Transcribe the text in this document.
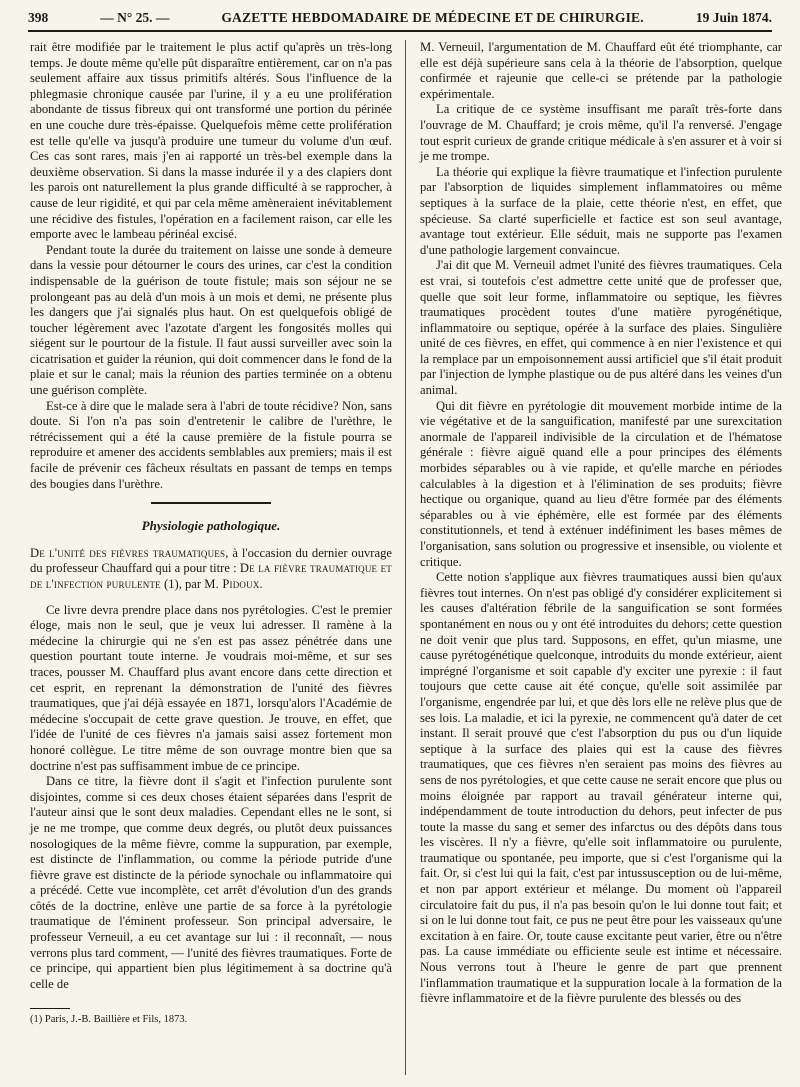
398	— N° 25. —	GAZETTE HEBDOMADAIRE DE MÉDECINE ET DE CHIRURGIE.	19 Juin 1874.

rait être modifiée par le traitement le plus actif qu'après un très-long temps. Je doute même qu'elle pût disparaître entièrement, car on n'a pas seulement affaire aux tissus primitifs altérés. Sous l'influence de la phlegmasie chronique causée par l'urine, il y a eu une prolifération abondante de tissus fibreux qui ont transformé une portion du périnée en une couche dure très-épaisse. Quelquefois même cette prolifération est telle qu'elle va jusqu'à produire une tumeur du volume d'un œuf. Ces cas sont rares, mais j'en ai rapporté un très-bel exemple dans la deuxième observation. Si dans la masse indurée il y a des clapiers dont les parois ont naturellement la plus grande difficulté à se rapprocher, à cause de leur rigidité, et qui par cela même amèneraient inévitablement une récidive des fistules, l'opération en a facilement raison, car elle les emporte avec le lambeau périnéal excisé.

Pendant toute la durée du traitement on laisse une sonde à demeure dans la vessie pour détourner le cours des urines, car c'est la condition indispensable de la guérison de toute fistule; mais son séjour ne se prolongeant pas au delà d'un mois à un mois et demi, ne présente plus les dangers que j'ai signalés plus haut. On est quelquefois obligé de toucher légèrement avec l'azotate d'argent les fongosités molles qui siégent sur le pourtour de la fistule. Il faut aussi surveiller avec soin la cicatrisation et guider la réunion, qui doit commencer dans le fond de la plaie et sur le canal; mais la réunion des parties terminée on a obtenu une guérison complète.

Est-ce à dire que le malade sera à l'abri de toute récidive? Non, sans doute. Si l'on n'a pas soin d'entretenir le calibre de l'urèthre, le rétrécissement qui a été la cause première de la fistule pourra se reproduire et amener des accidents semblables aux premiers; mais il est facile de prévenir ces fâcheux résultats en passant de temps en temps des bougies dans l'urèthre.

Physiologie pathologique.

De l'unité des fièvres traumatiques, à l'occasion du dernier ouvrage du professeur Chauffard qui a pour titre : De la fièvre traumatique et de l'infection purulente (1), par M. Pidoux.

Ce livre devra prendre place dans nos pyrétologies. C'est le premier éloge, mais non le seul, que je veux lui adresser. Il ramène à la médecine la chirurgie qui ne s'en est pas assez pénétrée dans une question pourtant toute interne. Je voudrais moi-même, et sur ses traces, pousser M. Chauffard plus avant encore dans cette direction et cet esprit, en reprenant la démonstration de l'unité des fièvres traumatiques, que j'ai déjà essayée en 1871, lorsqu'alors l'Académie de médecine s'occupait de cette grave question. Je trouve, en effet, que l'idée de l'unité de ces fièvres n'a jamais saisi assez fortement mon honoré collègue. Le titre même de son ouvrage montre bien que sa doctrine n'est pas suffisamment imbue de ce principe.

Dans ce titre, la fièvre dont il s'agit et l'infection purulente sont disjointes, comme si ces deux choses étaient séparées dans l'esprit de l'auteur ainsi que le sont deux maladies. Cependant elles ne le sont, si je ne me trompe, que comme deux degrés, ou plutôt deux puissances nosologiques de la même fièvre, comme la suppuration, par exemple, est distincte de l'inflammation, ou comme la période putride d'une fièvre grave est distincte de la période synochale ou inflammatoire qui a précédé. Cette vue incomplète, cet arrêt d'évolution d'un des grands côtés de la doctrine, enlève une partie de sa force à la pyrétologie traumatique de l'éminent professeur. Son principal adversaire, le professeur Verneuil, a eu cet avantage sur lui : il reconnaît, — nous verrons plus tard comment, — l'unité des fièvres traumatiques. Forte de ce principe, qui appartient bien plus légitimement à sa doctrine qu'à celle de

(1) Paris, J.-B. Baillière et Fils, 1873.

M. Verneuil, l'argumentation de M. Chauffard eût été triomphante, car elle est déjà supérieure sans cela à la théorie de l'absorption, quelque confirmée et rajeunie que celle-ci se prétende par la pathologie expérimentale.

La critique de ce système insuffisant me paraît très-forte dans l'ouvrage de M. Chauffard; je crois même, qu'il l'a renversé. J'engage tout esprit curieux de grande critique médicale à s'en assurer et à voir si je me trompe.

La théorie qui explique la fièvre traumatique et l'infection purulente par l'absorption de liquides simplement inflammatoires ou même septiques à la surface de la plaie, cette théorie n'est, en effet, que spécieuse. Sa clarté superficielle et factice est son seul avantage, avantage tout extérieur. Elle séduit, mais ne supporte pas l'examen d'une pathologie largement convaincue.

J'ai dit que M. Verneuil admet l'unité des fièvres traumatiques. Cela est vrai, si toutefois c'est admettre cette unité que de professer que, quelle que soit leur forme, inflammatoire ou septique, les fièvres traumatiques procèdent toutes d'une matière pyrogénétique, inflammatoire ou septique, opérée à la surface des plaies. Singulière unité de ces fièvres, en effet, qui commence à en nier l'existence et qui la remplace par un empoisonnement aussi artificiel que s'il était produit par l'injection de lymphe plastique ou de pus altéré dans les veines d'un animal.

Qui dit fièvre en pyrétologie dit mouvement morbide intime de la vie végétative et de la sanguification, manifesté par une surexcitation anormale de l'appareil indivisible de la circulation et de l'hématose générale : fièvre aiguë quand elle a pour principes des éléments morbides séparables ou à vie rapide, et qu'elle marche en périodes calculables à la digestion et à l'élimination de ses produits; fièvre hectique ou organique, quand au lieu d'être formée par des éléments séparables ou à vie éphémère, elle est formée par des éléments constitutionnels, et tend à exténuer indéfiniment les bases mêmes de l'organisation, sans solution ou progressive et insensible, ou violente et critique.

Cette notion s'applique aux fièvres traumatiques aussi bien qu'aux fièvres tout internes. On n'est pas obligé d'y considérer explicitement si les causes d'altération fébrile de la sanguification se sont formées spontanément en nous ou y ont été introduites du dehors; cette question ne doit venir que plus tard. Supposons, en effet, qu'un miasme, une cause pyrétogénétique quelconque, introduits du monde extérieur, aient imprégné l'organisme et soit capable d'y exciter une pyrexie : il faut toujours que cette cause ait été conçue, qu'elle soit assimilée par l'organisme, engendrée par lui, et que dès lors elle ne relève plus que de ses lois. La maladie, et ici la pyrexie, ne commencent qu'à dater de cet instant. Il serait prouvé que c'est l'absorption du pus ou d'un liquide septique à la surface des plaies qui est la cause des fièvres traumatiques, que ces fièvres n'en seraient pas moins des fièvres au sens de nos pyrétologies, et que cette cause ne serait encore que plus ou moins éloignée par rapport au travail générateur interne qui, indépendamment de toute introduction du dehors, peut infecter de pus toute la masse du sang et semer des infarctus ou des dépôts dans tous les viscères. Il n'y a fièvre, qu'elle soit inflammatoire ou purulente, traumatique ou spontanée, peu importe, que si c'est l'organisme qui la fait. Or, si c'est lui qui la fait, c'est par intussusception ou de lui-même, et non par apport extérieur et mélange. Du moment où l'appareil circulatoire fait du pus, il n'a pas besoin qu'on le lui donne tout fait; et si on le lui donne tout fait, ce pus ne peut être pour les vaisseaux qu'une excitation à en faire. Or, toute cause excitante peut varier, être ou n'être pas. La cause immédiate ou efficiente seule est intime et nécessaire. Nous verrons tout à l'heure le genre de part que prennent l'inflammation traumatique et la suppuration locale à la formation de la fièvre inflammatoire et de la fièvre purulente des blessés ou des
